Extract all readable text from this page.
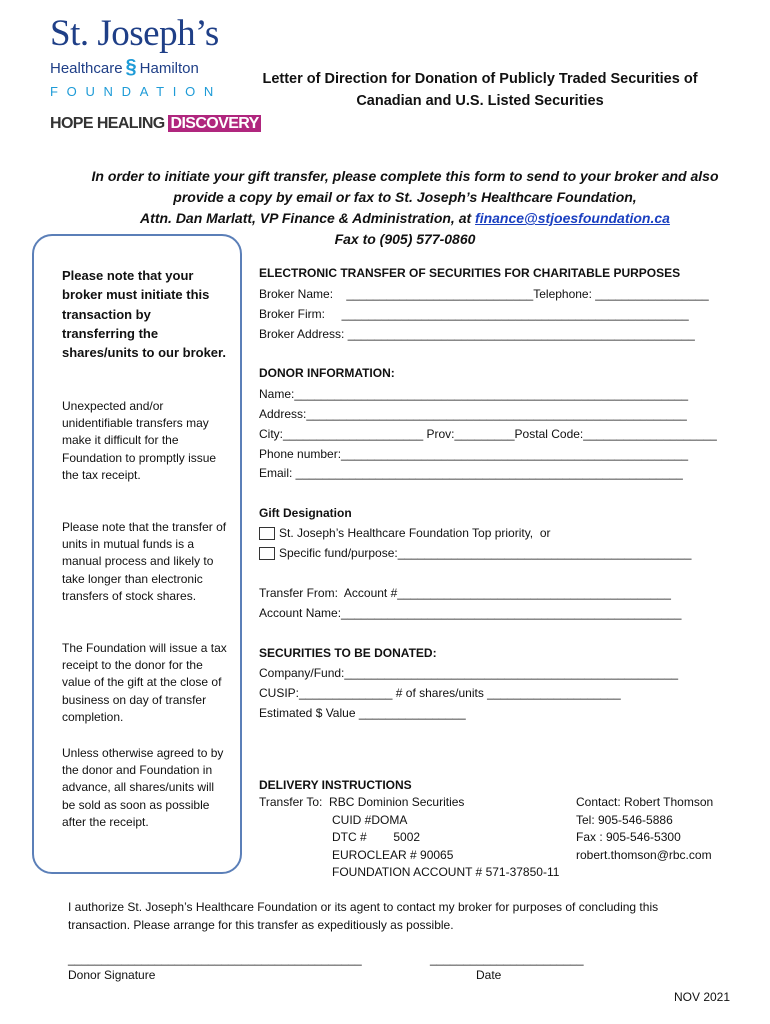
St. Joseph’s
Healthcare § Hamilton
FOUNDATION
HOPE HEALING DISCOVERY
Letter of Direction for Donation of Publicly Traded Securities of
Canadian and U.S. Listed Securities
In order to initiate your gift transfer, please complete this form to send to your broker and also
provide a copy by email or fax to St. Joseph’s Healthcare Foundation,
Attn. Dan Marlatt, VP Finance & Administration, at finance@stjoesfoundation.ca
Fax to (905) 577-0860
Please note that your broker must initiate this transaction by transferring the shares/units to our broker.
Unexpected and/or unidentifiable transfers may make it difficult for the Foundation to promptly issue the tax receipt.
Please note that the transfer of units in mutual funds is a manual process and likely to take longer than electronic transfers of stock shares.
The Foundation will issue a tax receipt to the donor for the value of the gift at the close of business on day of transfer completion.
Unless otherwise agreed to by the donor and Foundation in advance, all shares/units will be sold as soon as possible after the receipt.
ELECTRONIC TRANSFER OF SECURITIES FOR CHARITABLE PURPOSES
Broker Name:    ____________________________Telephone: _________________
Broker Firm:     ____________________________________________________
Broker Address: ____________________________________________________
DONOR INFORMATION:
Name:___________________________________________________________
Address:_________________________________________________________
City:_____________________ Prov:_________Postal Code:____________________
Phone number:____________________________________________________
Email: __________________________________________________________
Gift Designation
St. Joseph’s Healthcare Foundation Top priority,  or
Specific fund/purpose:____________________________________________
Transfer From:  Account #_________________________________________
Account Name:___________________________________________________
SECURITIES TO BE DONATED:
Company/Fund:__________________________________________________
CUSIP:______________ # of shares/units ____________________
Estimated $ Value ________________
DELIVERY INSTRUCTIONS
Transfer To:  RBC Dominion Securities
CUID #DOMA
DTC #        5002
EUROCLEAR # 90065
FOUNDATION ACCOUNT # 571-37850-11
Contact: Robert Thomson
Tel: 905-546-5886
Fax : 905-546-5300
robert.thomson@rbc.com
I authorize St. Joseph’s Healthcare Foundation or its agent to contact my broker for purposes of concluding this
transaction. Please arrange for this transfer as expeditiously as possible.
____________________________________________
Donor Signature
_______________________
Date
NOV 2021
